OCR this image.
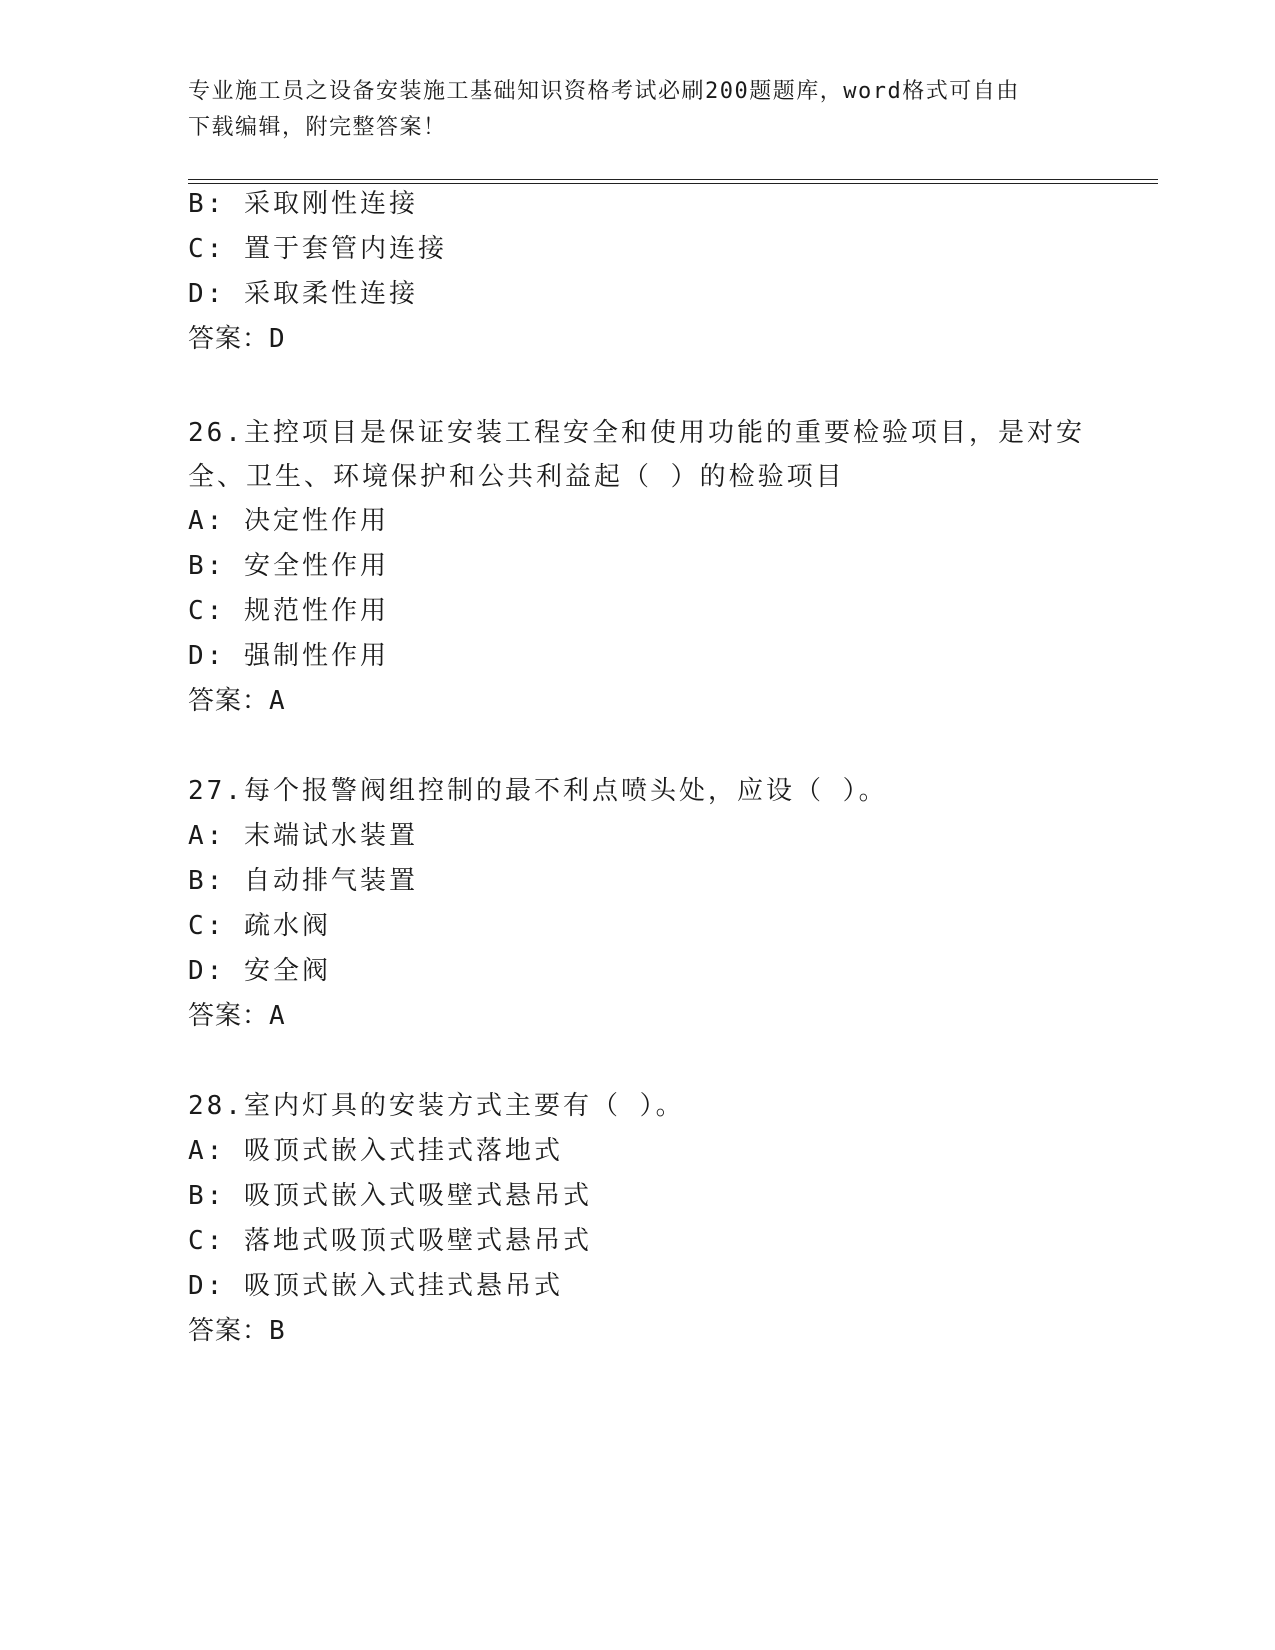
专业施工员之设备安装施工基础知识资格考试必刷200题题库，word格式可自由
下载编辑，附完整答案！
B: 采取刚性连接
C: 置于套管内连接
D: 采取柔性连接
答案：D
26.主控项目是保证安装工程安全和使用功能的重要检验项目，是对安
全、卫生、环境保护和公共利益起（ ）的检验项目
A: 决定性作用
B: 安全性作用
C: 规范性作用
D: 强制性作用
答案：A
27.每个报警阀组控制的最不利点喷头处，应设（ ）。
A: 末端试水装置
B: 自动排气装置
C: 疏水阀
D: 安全阀
答案：A
28.室内灯具的安装方式主要有（ ）。
A: 吸顶式嵌入式挂式落地式
B: 吸顶式嵌入式吸壁式悬吊式
C: 落地式吸顶式吸壁式悬吊式
D: 吸顶式嵌入式挂式悬吊式
答案：B
